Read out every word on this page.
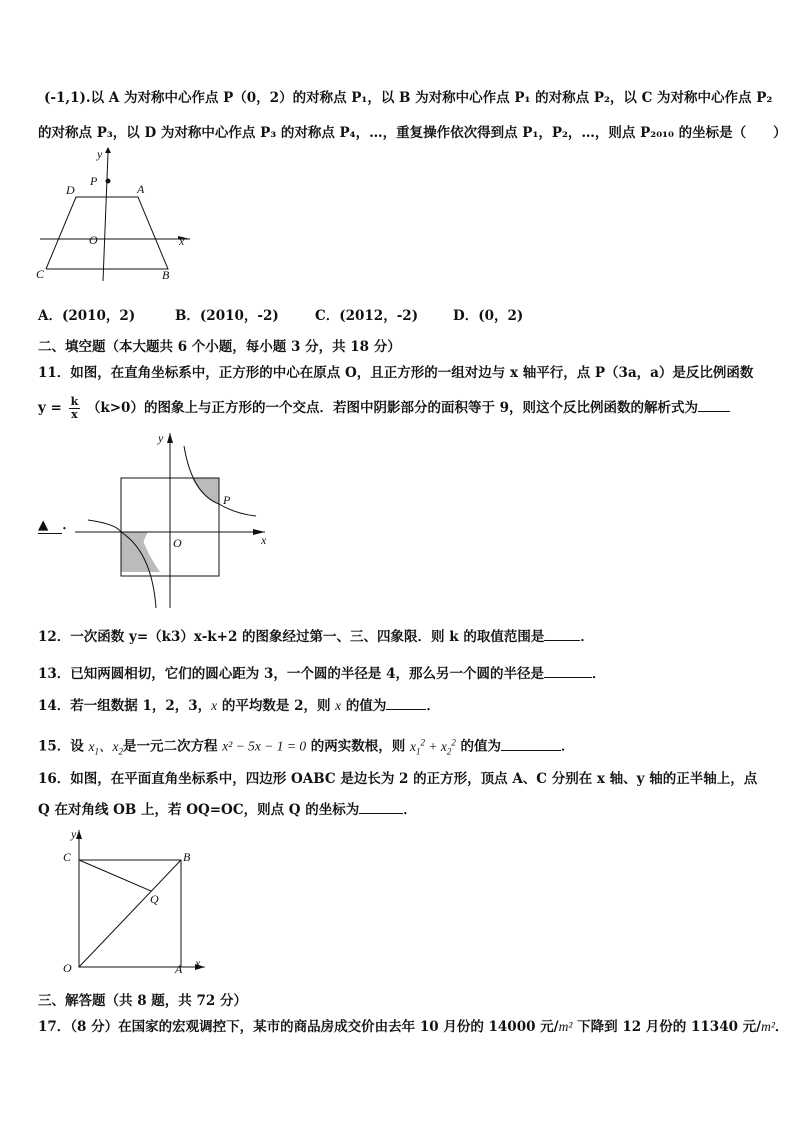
(-1,1).以 A 为对称中心作点 P（0，2）的对称点 P₁，以 B 为对称中心作点 P₁ 的对称点 P₂，以 C 为对称中心作点 P₂
的对称点 P₃，以 D 为对称中心作点 P₃ 的对称点 P₄，…，重复操作依次得到点 P₁，P₂，…，则点 P₂₀₁₀ 的坐标是（　　）
y
P
D	A
O	x
C	B
A．(2010，2)	B．(2010，-2)	C．(2012，-2)	D．(0，2)
二、填空题（本大题共 6 个小题，每小题 3 分，共 18 分）
11．如图，在直角坐标系中，正方形的中心在原点 O，且正方形的一组对边与 x 轴平行，点 P（3a，a）是反比例函数
$y = \frac{k}{x} (k>0)$的图象上与正方形的一个交点．若图中阴影部分的面积等于 9，则这个反比例函数的解析式为
y
P
O	x
▲ ．
12．一次函数 y=（k3）x-k+2 的图象经过第一、三、四象限．则 k 的取值范围是	．
13．已知两圆相切，它们的圆心距为 3，一个圆的半径是 4，那么另一个圆的半径是	．
14．若一组数据 1，2，3，x 的平均数是 2，则 x 的值为	．
15．设 $x_1$、$x_2$是一元二次方程 x² − 5x − 1 = 0 的两实数根，则 $x_1^2 + x_2^2$ 的值为	．
16．如图，在平面直角坐标系中，四边形 OABC 是边长为 2 的正方形，顶点 A、C 分别在 x 轴、y 轴的正半轴上，点
Q 在对角线 OB 上，若 OQ=OC，则点 Q 的坐标为	．
y
C	B
Q
O	A x
三、解答题（共 8 题，共 72 分）
17．（8 分）在国家的宏观调控下，某市的商品房成交价由去年 10 月份的 14000 元/m² 下降到 12 月份的 11340 元/m²．
